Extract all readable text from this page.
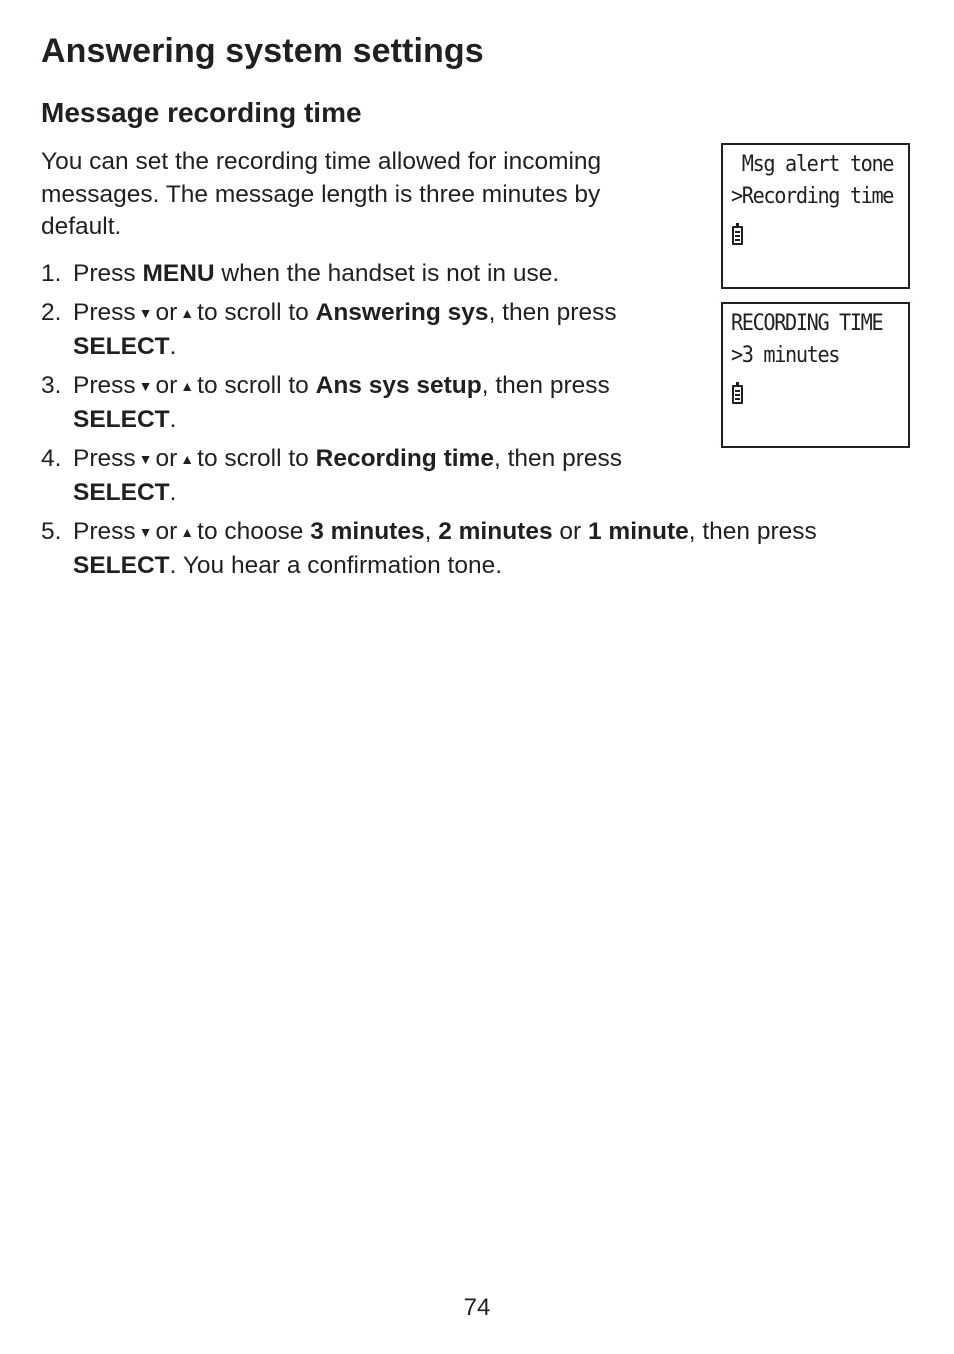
Answering system settings
Message recording time

You can set the recording time allowed for incoming messages. The message length is three minutes by default.

1. Press MENU when the handset is not in use.
2. Press ▼ or ▲ to scroll to Answering sys, then press SELECT.
3. Press ▼ or ▲ to scroll to Ans sys setup, then press SELECT.
4. Press ▼ or ▲ to scroll to Recording time, then press SELECT.
5. Press ▼ or ▲ to choose 3 minutes, 2 minutes or 1 minute, then press SELECT. You hear a confirmation tone.
Msg alert tone
>Recording time
RECORDING TIME
>3 minutes
74
